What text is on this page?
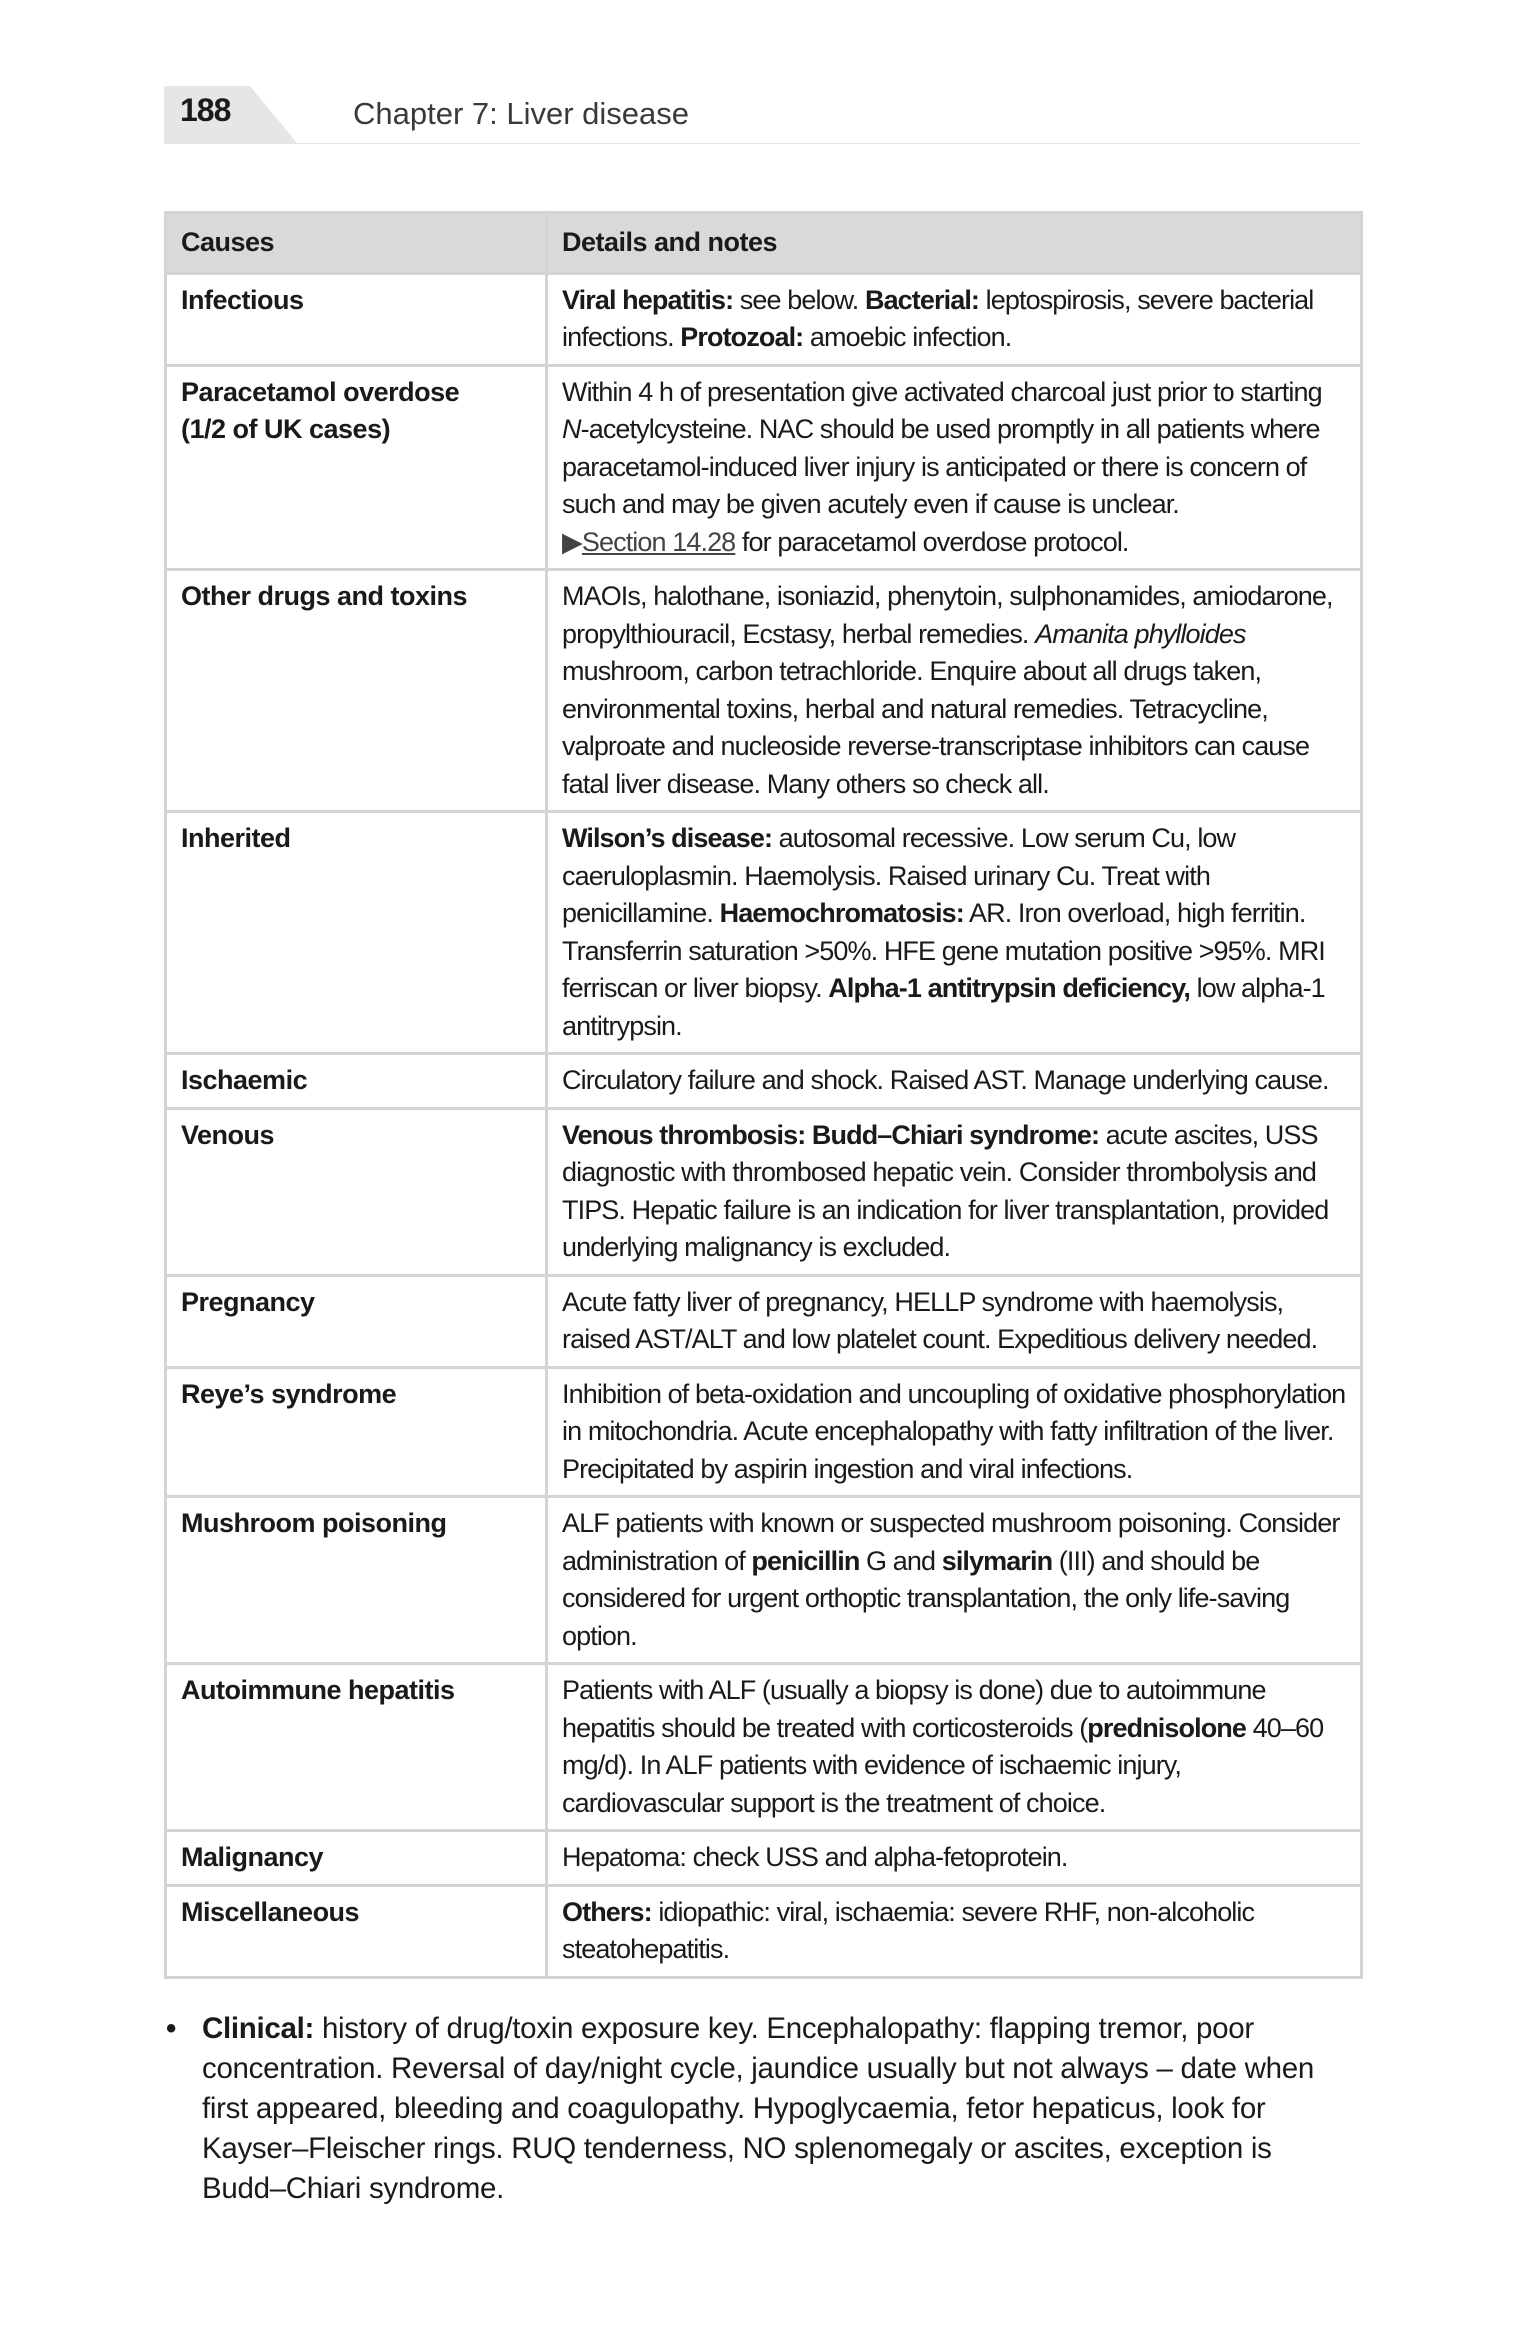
188	Chapter 7: Liver disease
Causes	Details and notes
Infectious	Viral hepatitis: see below. Bacterial: leptospirosis, severe bacterial infections. Protozoal: amoebic infection.
Paracetamol overdose
(1/2 of UK cases)	Within 4 h of presentation give activated charcoal just prior to starting N-acetylcysteine. NAC should be used promptly in all patients where paracetamol-induced liver injury is anticipated or there is concern of such and may be given acutely even if cause is unclear. ▶Section 14.28 for paracetamol overdose protocol.
Other drugs and toxins	MAOIs, halothane, isoniazid, phenytoin, sulphonamides, amiodarone, propylthiouracil, Ecstasy, herbal remedies. Amanita phylloides mushroom, carbon tetrachloride. Enquire about all drugs taken, environmental toxins, herbal and natural remedies. Tetracycline, valproate and nucleoside reverse-transcriptase inhibitors can cause fatal liver disease. Many others so check all.
Inherited	Wilson’s disease: autosomal recessive. Low serum Cu, low caeruloplasmin. Haemolysis. Raised urinary Cu. Treat with penicillamine. Haemochromatosis: AR. Iron overload, high ferritin. Transferrin saturation >50%. HFE gene mutation positive >95%. MRI ferriscan or liver biopsy. Alpha-1 antitrypsin deficiency, low alpha-1 antitrypsin.
Ischaemic	Circulatory failure and shock. Raised AST. Manage underlying cause.
Venous	Venous thrombosis: Budd–Chiari syndrome: acute ascites, USS diagnostic with thrombosed hepatic vein. Consider thrombolysis and TIPS. Hepatic failure is an indication for liver transplantation, provided underlying malignancy is excluded.
Pregnancy	Acute fatty liver of pregnancy, HELLP syndrome with haemolysis, raised AST/ALT and low platelet count. Expeditious delivery needed.
Reye’s syndrome	Inhibition of beta-oxidation and uncoupling of oxidative phosphorylation in mitochondria. Acute encephalopathy with fatty infiltration of the liver. Precipitated by aspirin ingestion and viral infections.
Mushroom poisoning	ALF patients with known or suspected mushroom poisoning. Consider administration of penicillin G and silymarin (III) and should be considered for urgent orthoptic transplantation, the only life-saving option.
Autoimmune hepatitis	Patients with ALF (usually a biopsy is done) due to autoimmune hepatitis should be treated with corticosteroids (prednisolone 40–60 mg/d). In ALF patients with evidence of ischaemic injury, cardiovascular support is the treatment of choice.
Malignancy	Hepatoma: check USS and alpha-fetoprotein.
Miscellaneous	Others: idiopathic: viral, ischaemia: severe RHF, non-alcoholic steatohepatitis.
• Clinical: history of drug/toxin exposure key. Encephalopathy: flapping tremor, poor concentration. Reversal of day/night cycle, jaundice usually but not always – date when first appeared, bleeding and coagulopathy. Hypoglycaemia, fetor hepaticus, look for Kayser–Fleischer rings. RUQ tenderness, NO splenomegaly or ascites, exception is Budd–Chiari syndrome.
